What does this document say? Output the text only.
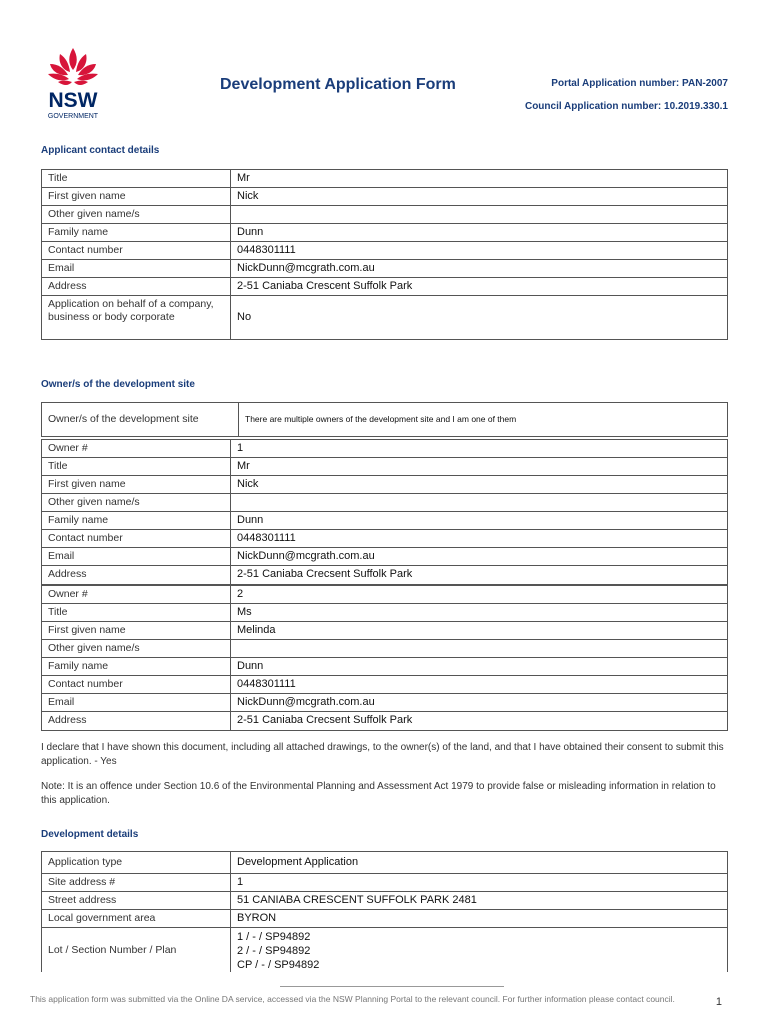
NSW
GOVERNMENT
Development Application Form	Portal Application number: PAN-2007
Council Application number: 10.2019.330.1
Applicant contact details
Title	Mr
First given name	Nick
Other given name/s
Family name	Dunn
Contact number	0448301111
Email	NickDunn@mcgrath.com.au
Address	2-51 Caniaba Crescent Suffolk Park
Application on behalf of a company, business or body corporate	No
Owner/s of the development site
Owner/s of the development site	There are multiple owners of the development site and I am one of them
Owner #	1
Title	Mr
First given name	Nick
Other given name/s
Family name	Dunn
Contact number	0448301111
Email	NickDunn@mcgrath.com.au
Address	2-51 Caniaba Crecsent Suffolk Park
Owner #	2
Title	Ms
First given name	Melinda
Other given name/s
Family name	Dunn
Contact number	0448301111
Email	NickDunn@mcgrath.com.au
Address	2-51 Caniaba Crecsent Suffolk Park
I declare that I have shown this document, including all attached drawings, to the owner(s) of the land, and that I have obtained their consent to submit this application. - Yes
Note: It is an offence under Section 10.6 of the Environmental Planning and Assessment Act 1979 to provide false or misleading information in relation to this application.
Development details
Application type	Development Application
Site address #	1
Street address	51 CANIABA CRESCENT SUFFOLK PARK 2481
Local government area	BYRON
Lot / Section Number / Plan
1 / - / SP94892
2 / - / SP94892
CP / - / SP94892
This application form was submitted via the Online DA service, accessed via the NSW Planning Portal to the relevant council. For further information please contact council.	1
